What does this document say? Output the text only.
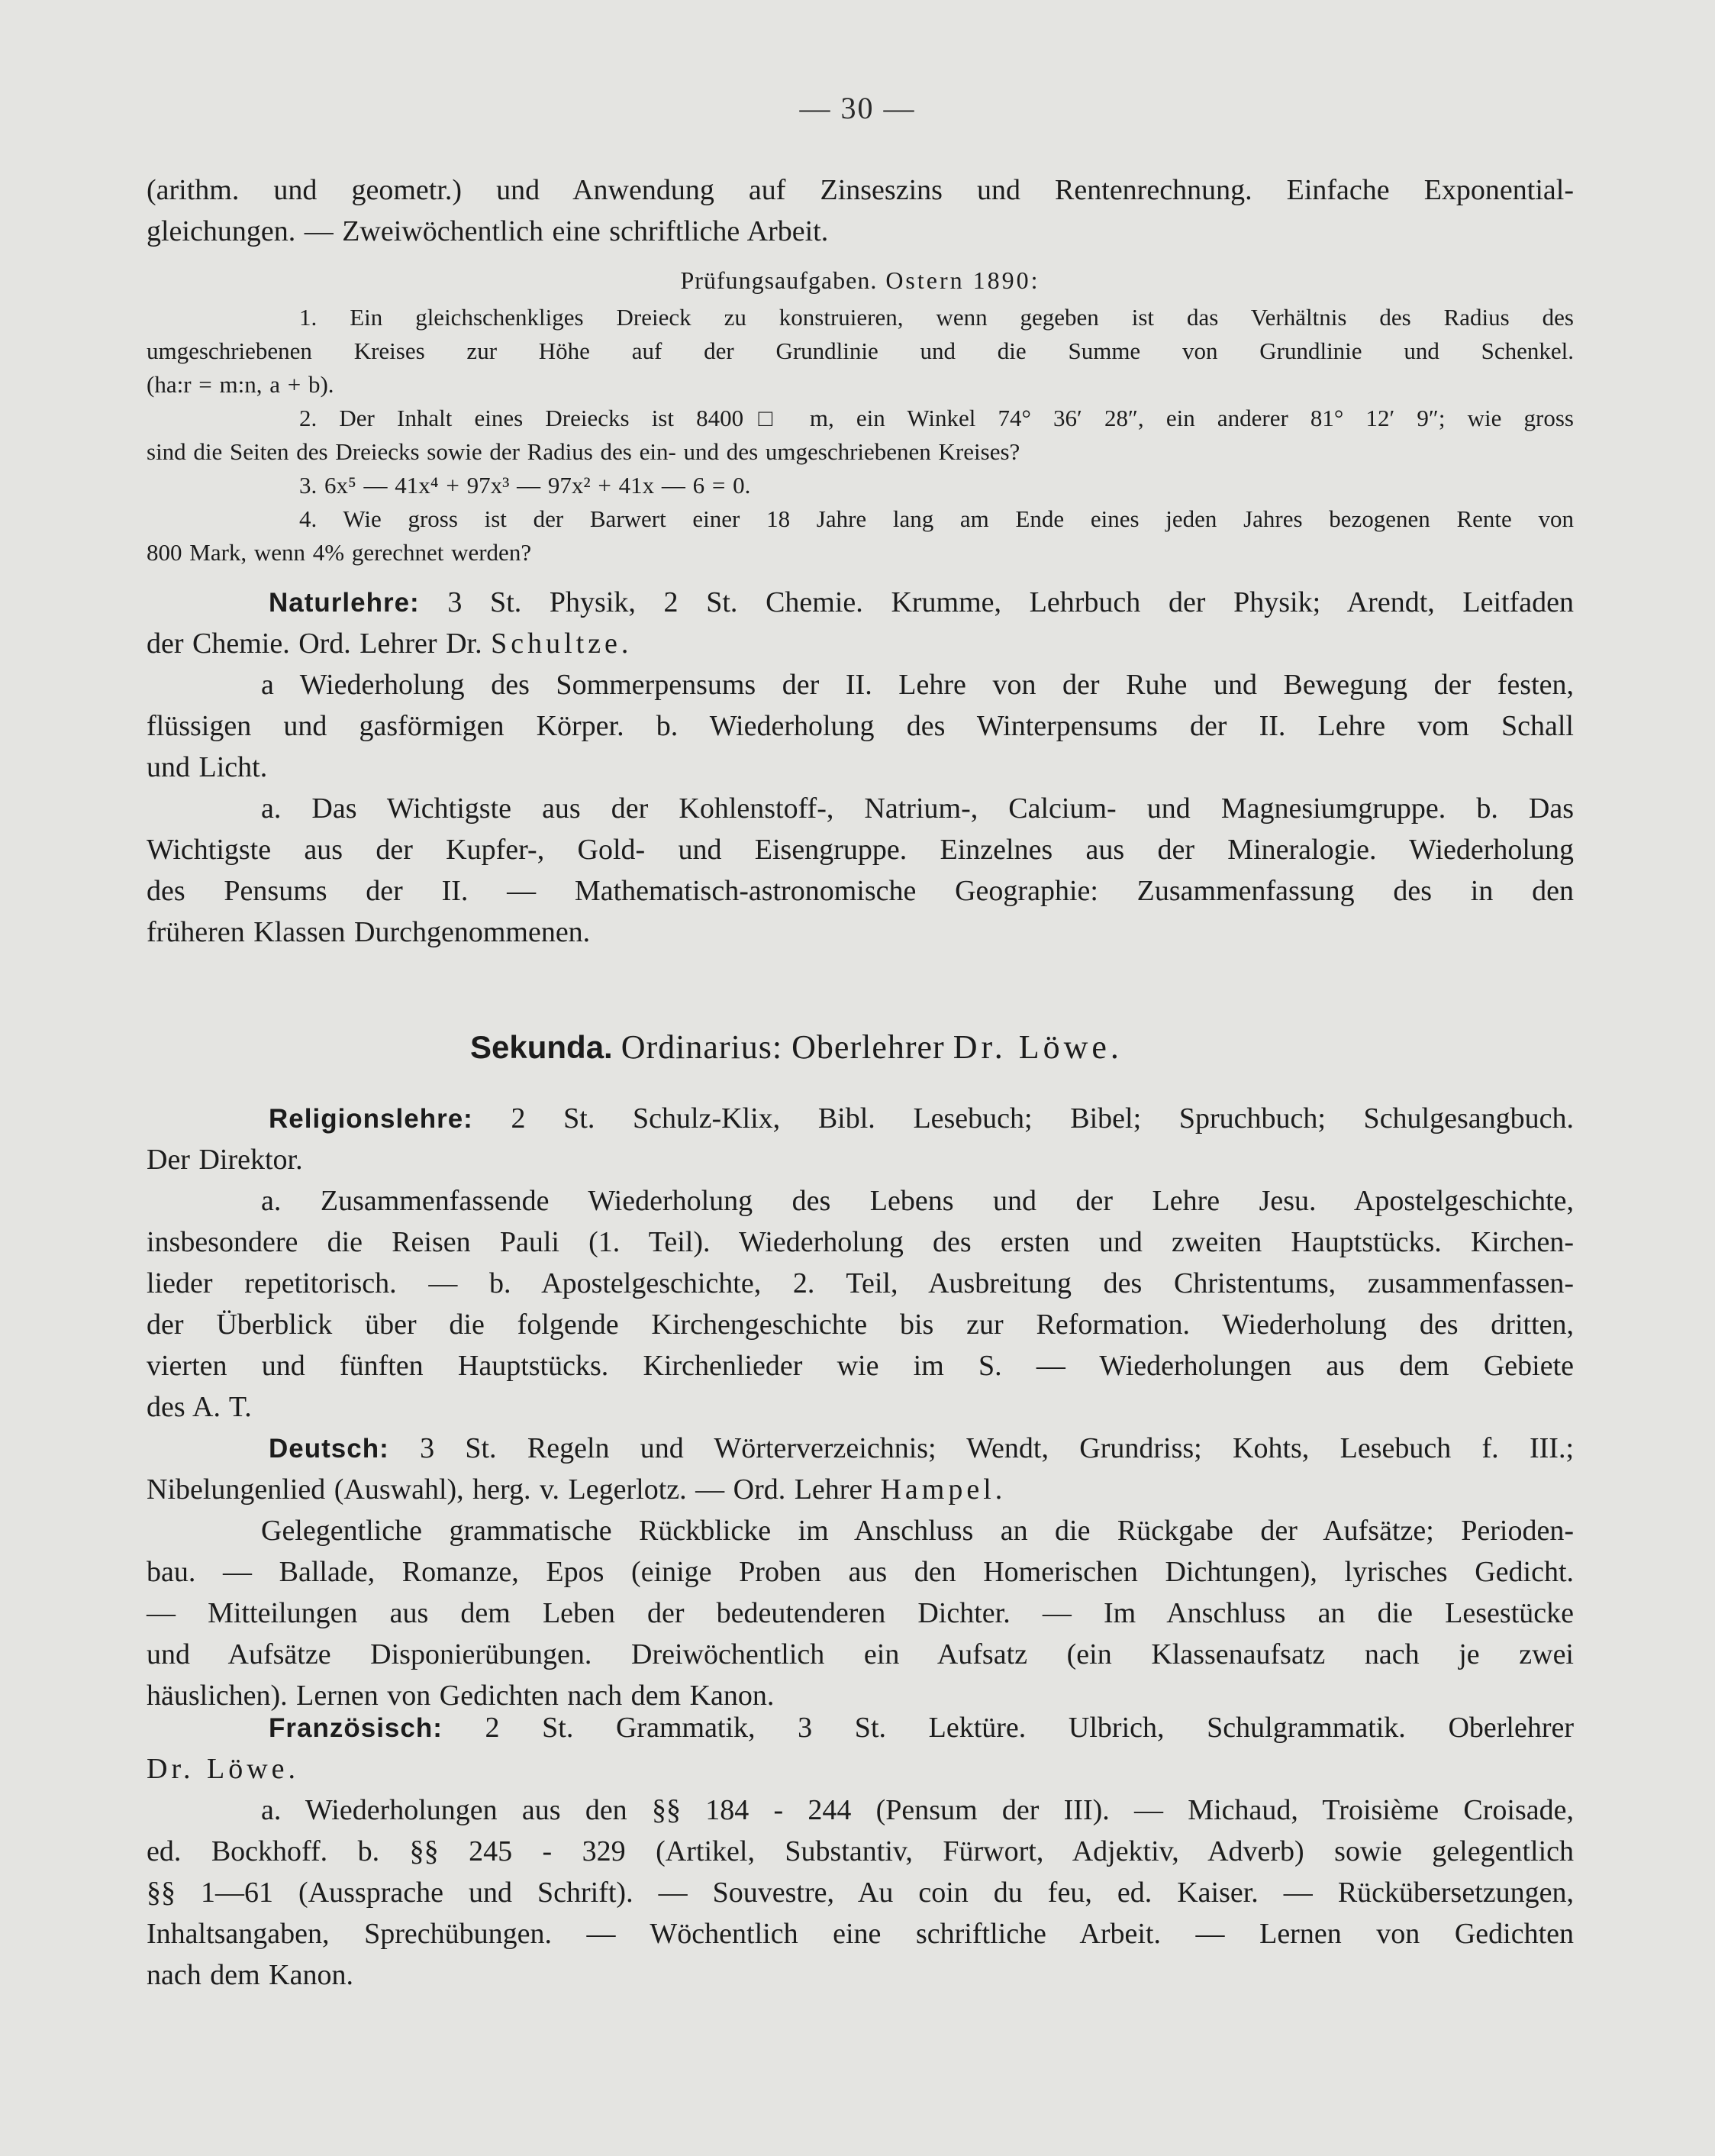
— 30 —
(arithm. und geometr.) und Anwendung auf Zinseszins und Rentenrechnung. Einfache Exponential-
gleichungen. — Zweiwöchentlich eine schriftliche Arbeit.
Prüfungsaufgaben. Ostern 1890:
1. Ein gleichschenkliges Dreieck zu konstruieren, wenn gegeben ist das Verhältnis des Radius des
umgeschriebenen Kreises zur Höhe auf der Grundlinie und die Summe von Grundlinie und Schenkel.
(ha:r = m:n, a + b).
2. Der Inhalt eines Dreiecks ist 8400□ m, ein Winkel 74° 36′ 28″, ein anderer 81° 12′ 9″; wie gross
sind die Seiten des Dreiecks sowie der Radius des ein- und des umgeschriebenen Kreises?
3. 6x⁵ — 41x⁴ + 97x³ — 97x² + 41x — 6 = 0.
4. Wie gross ist der Barwert einer 18 Jahre lang am Ende eines jeden Jahres bezogenen Rente von
800 Mark, wenn 4% gerechnet werden?
Naturlehre: 3 St. Physik, 2 St. Chemie. Krumme, Lehrbuch der Physik; Arendt, Leitfaden
der Chemie. Ord. Lehrer Dr. Schultze.
a Wiederholung des Sommerpensums der II. Lehre von der Ruhe und Bewegung der festen,
flüssigen und gasförmigen Körper. b. Wiederholung des Winterpensums der II. Lehre vom Schall
und Licht.
a. Das Wichtigste aus der Kohlenstoff-, Natrium-, Calcium- und Magnesiumgruppe. b. Das
Wichtigste aus der Kupfer-, Gold- und Eisengruppe. Einzelnes aus der Mineralogie. Wiederholung
des Pensums der II. — Mathematisch-astronomische Geographie: Zusammenfassung des in den
früheren Klassen Durchgenommenen.
Sekunda. Ordinarius: Oberlehrer Dr. Löwe.
Religionslehre: 2 St. Schulz-Klix, Bibl. Lesebuch; Bibel; Spruchbuch; Schulgesangbuch.
Der Direktor.
a. Zusammenfassende Wiederholung des Lebens und der Lehre Jesu. Apostelgeschichte,
insbesondere die Reisen Pauli (1. Teil). Wiederholung des ersten und zweiten Hauptstücks. Kirchen-
lieder repetitorisch. — b. Apostelgeschichte, 2. Teil, Ausbreitung des Christentums, zusammenfassen-
der Überblick über die folgende Kirchengeschichte bis zur Reformation. Wiederholung des dritten,
vierten und fünften Hauptstücks. Kirchenlieder wie im S. — Wiederholungen aus dem Gebiete
des A. T.
Deutsch: 3 St. Regeln und Wörterverzeichnis; Wendt, Grundriss; Kohts, Lesebuch f. III.;
Nibelungenlied (Auswahl), herg. v. Legerlotz. — Ord. Lehrer Hampel.
Gelegentliche grammatische Rückblicke im Anschluss an die Rückgabe der Aufsätze; Perioden-
bau. — Ballade, Romanze, Epos (einige Proben aus den Homerischen Dichtungen), lyrisches Gedicht.
— Mitteilungen aus dem Leben der bedeutenderen Dichter. — Im Anschluss an die Lesestücke
und Aufsätze Disponierübungen. Dreiwöchentlich ein Aufsatz (ein Klassenaufsatz nach je zwei
häuslichen). Lernen von Gedichten nach dem Kanon.
Französisch: 2 St. Grammatik, 3 St. Lektüre. Ulbrich, Schulgrammatik. Oberlehrer
Dr. Löwe.
a. Wiederholungen aus den §§ 184 - 244 (Pensum der III). — Michaud, Troisième Croisade,
ed. Bockhoff. b. §§ 245 - 329 (Artikel, Substantiv, Fürwort, Adjektiv, Adverb) sowie gelegentlich
§§ 1—61 (Aussprache und Schrift). — Souvestre, Au coin du feu, ed. Kaiser. — Rückübersetzungen,
Inhaltsangaben, Sprechübungen. — Wöchentlich eine schriftliche Arbeit. — Lernen von Gedichten
nach dem Kanon.
